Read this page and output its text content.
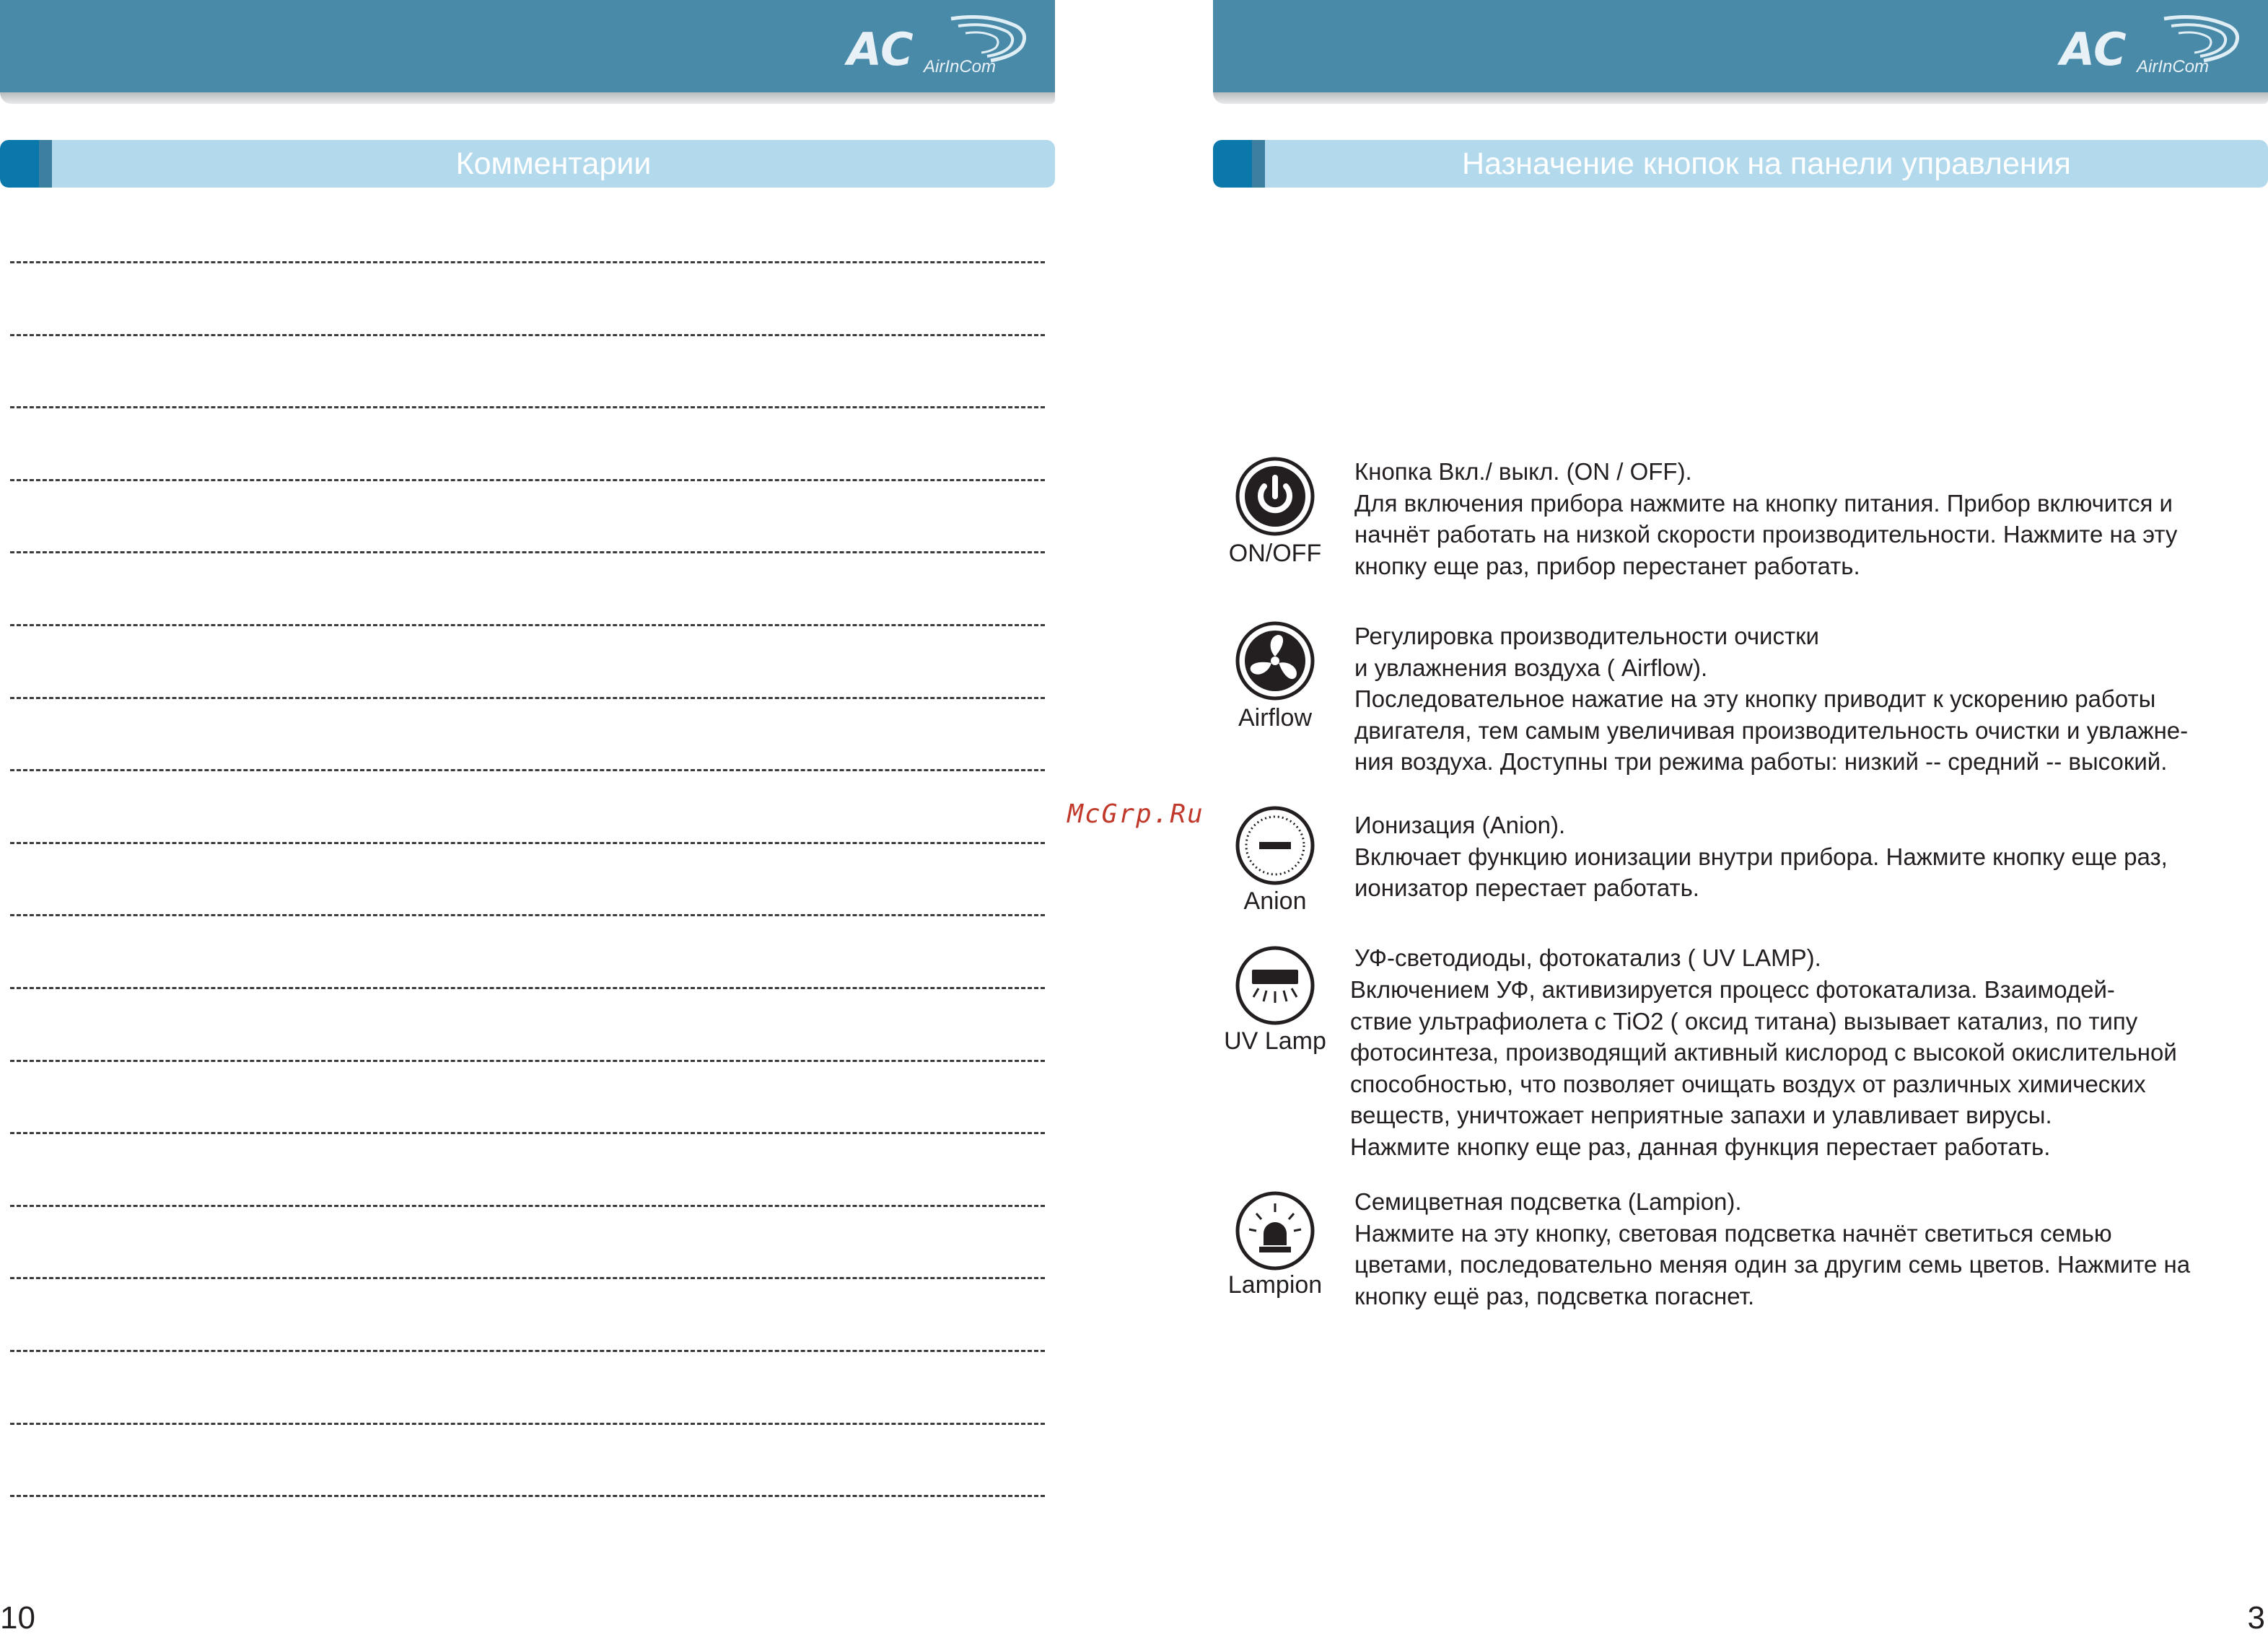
AC AirInCom
Комментарии
10
McGrp.Ru
AC AirInCom
Назначение кнопок на панели управления
ON/OFF

Кнопка Вкл./ выкл. (ON / OFF).

Для включения прибора нажмите на кнопку питания. Прибор включится и

начнёт работать на низкой скорости производительности. Нажмите на эту

кнопку еще раз, прибор перестанет работать.

Airflow

Регулировка производительности очистки

и увлажнения воздуха ( Airflow).

Последовательное нажатие на эту кнопку приводит к ускорению работы

двигателя, тем самым увеличивая производительность очистки и увлажне-

ния воздуха. Доступны три режима работы: низкий -- средний -- высокий.

Anion

Ионизация (Anion).

Включает функцию ионизации внутри прибора. Нажмите кнопку еще раз,

ионизатор перестает работать.

UV Lamp

УФ-светодиоды, фотокатализ ( UV LAMP).

Включением УФ, активизируется процесс фотокатализа. Взаимодей-

ствие ультрафиолета с TiO2 ( оксид титана) вызывает катализ, по типу

фотосинтеза, производящий активный кислород с высокой окислительной

способностью, что позволяет очищать воздух от различных химических

веществ, уничтожает неприятные запахи и улавливает вирусы.

Нажмите кнопку еще раз, данная функция перестает работать.

Lampion

Семицветная подсветка (Lampion).

Нажмите на эту кнопку, световая подсветка начнёт светиться семью

цветами, последовательно меняя один за другим семь цветов. Нажмите на

кнопку ещё раз, подсветка погаснет.

3
